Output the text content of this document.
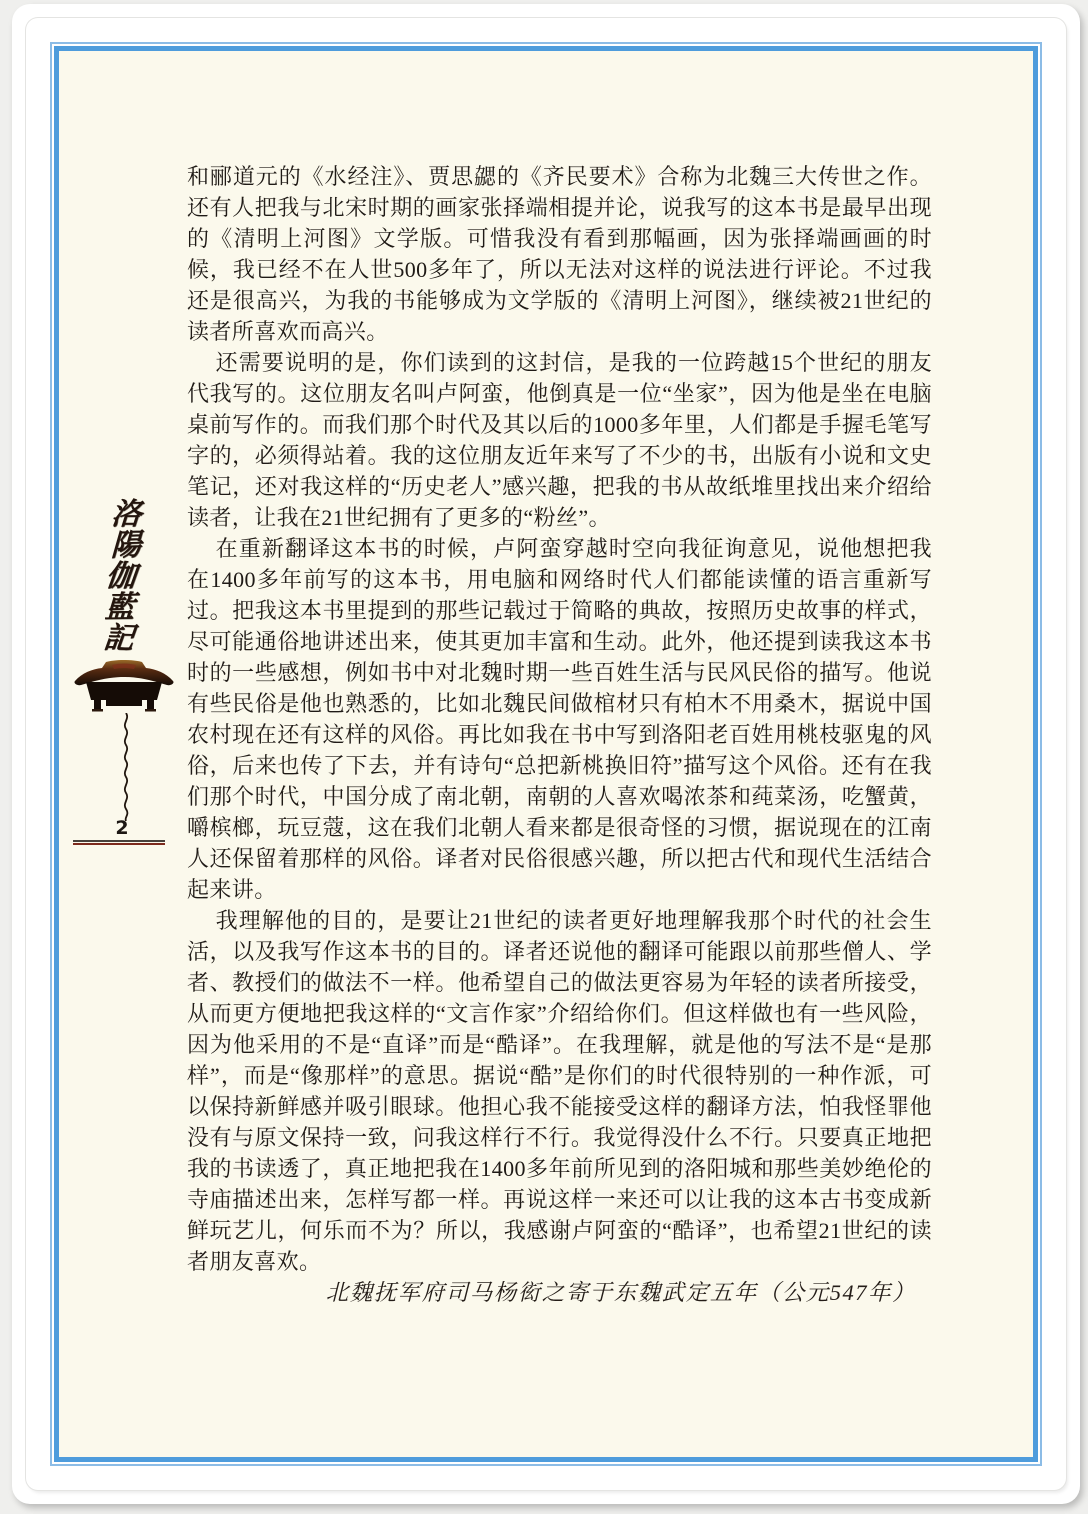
洛
陽
伽
藍
記
2

和郦道元的《水经注》、贾思勰的《齐民要术》合称为北魏三大传世之作。还有人把我与北宋时期的画家张择端相提并论，说我写的这本书是最早出现的《清明上河图》文学版。可惜我没有看到那幅画，因为张择端画画的时候，我已经不在人世500多年了，所以无法对这样的说法进行评论。不过我还是很高兴，为我的书能够成为文学版的《清明上河图》，继续被21世纪的读者所喜欢而高兴。

还需要说明的是，你们读到的这封信，是我的一位跨越15个世纪的朋友代我写的。这位朋友名叫卢阿蛮，他倒真是一位“坐家”，因为他是坐在电脑桌前写作的。而我们那个时代及其以后的1000多年里，人们都是手握毛笔写字的，必须得站着。我的这位朋友近年来写了不少的书，出版有小说和文史笔记，还对我这样的“历史老人”感兴趣，把我的书从故纸堆里找出来介绍给读者，让我在21世纪拥有了更多的“粉丝”。

在重新翻译这本书的时候，卢阿蛮穿越时空向我征询意见，说他想把我在1400多年前写的这本书，用电脑和网络时代人们都能读懂的语言重新写过。把我这本书里提到的那些记载过于简略的典故，按照历史故事的样式，尽可能通俗地讲述出来，使其更加丰富和生动。此外，他还提到读我这本书时的一些感想，例如书中对北魏时期一些百姓生活与民风民俗的描写。他说有些民俗是他也熟悉的，比如北魏民间做棺材只有柏木不用桑木，据说中国农村现在还有这样的风俗。再比如我在书中写到洛阳老百姓用桃枝驱鬼的风俗，后来也传了下去，并有诗句“总把新桃换旧符”描写这个风俗。还有在我们那个时代，中国分成了南北朝，南朝的人喜欢喝浓茶和莼菜汤，吃蟹黄，嚼槟榔，玩豆蔻，这在我们北朝人看来都是很奇怪的习惯，据说现在的江南人还保留着那样的风俗。译者对民俗很感兴趣，所以把古代和现代生活结合起来讲。

我理解他的目的，是要让21世纪的读者更好地理解我那个时代的社会生活，以及我写作这本书的目的。译者还说他的翻译可能跟以前那些僧人、学者、教授们的做法不一样。他希望自己的做法更容易为年轻的读者所接受，从而更方便地把我这样的“文言作家”介绍给你们。但这样做也有一些风险，因为他采用的不是“直译”而是“酷译”。在我理解，就是他的写法不是“是那样”，而是“像那样”的意思。据说“酷”是你们的时代很特别的一种作派，可以保持新鲜感并吸引眼球。他担心我不能接受这样的翻译方法，怕我怪罪他没有与原文保持一致，问我这样行不行。我觉得没什么不行。只要真正地把我的书读透了，真正地把我在1400多年前所见到的洛阳城和那些美妙绝伦的寺庙描述出来，怎样写都一样。再说这样一来还可以让我的这本古书变成新鲜玩艺儿，何乐而不为？所以，我感谢卢阿蛮的“酷译”，也希望21世纪的读者朋友喜欢。

北魏抚军府司马杨衒之寄于东魏武定五年（公元547年）
